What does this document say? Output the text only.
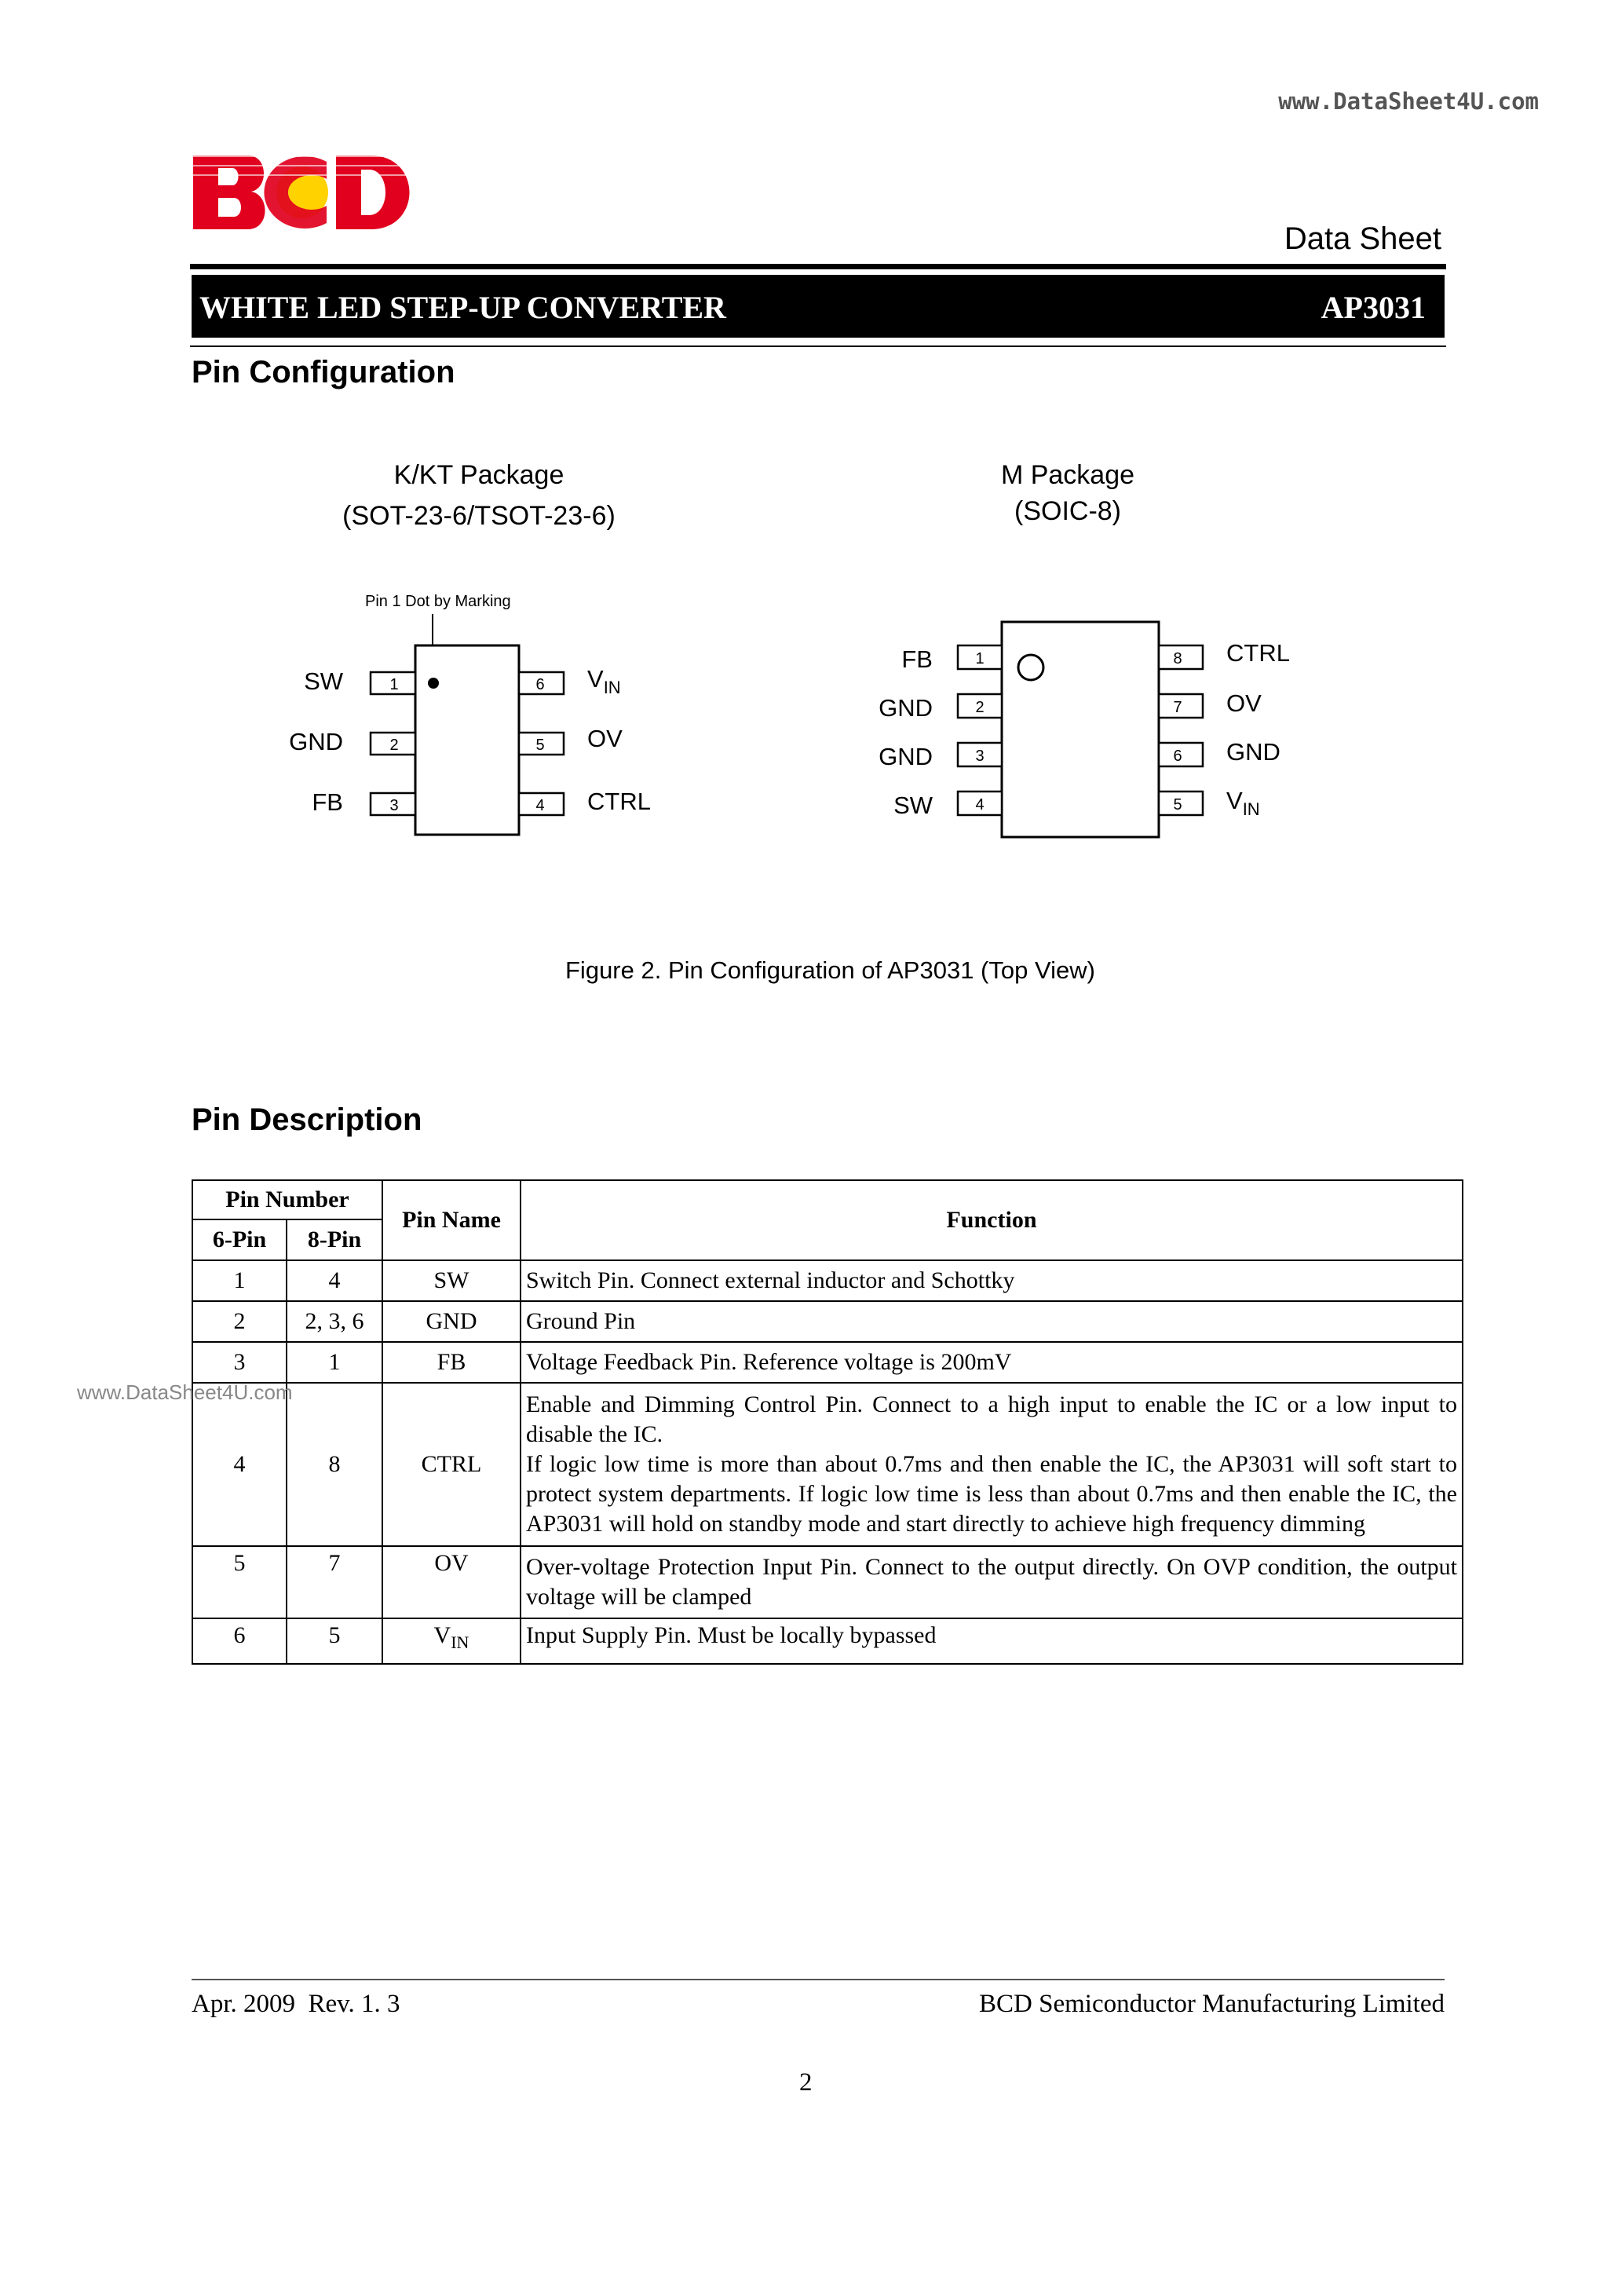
www.DataSheet4U.com
Data Sheet
WHITE LED STEP-UP CONVERTER	AP3031
Pin Configuration
K/KT Package
(SOT-23-6/TSOT-23-6)
M Package
(SOIC-8)
Pin 1 Dot by Marking
1
SW
2
GND
3
FB
6 $V_{IN}$
5 OV
4 CTRL
1
FB
2
GND
3
GND
4
SW
8 CTRL
7 OV
6 GND
5 $V_{IN}$
Figure 2. Pin Configuration of AP3031 (Top View)
Pin Description
Pin Number		Pin Name	Function
6-Pin	8-Pin		
1	4	SW	Switch Pin. Connect external inductor and Schottky
2	2, 3, 6	GND	Ground Pin
3	1	FB	Voltage Feedback Pin. Reference voltage is 200mV
4	8	CTRL	Enable and Dimming Control Pin. Connect to a high input to enable the IC or a low input to disable the IC.
If logic low time is more than about 0.7ms and then enable the IC, the AP3031 will soft start to protect system departments. If logic low time is less than about 0.7ms and then enable the IC, the AP3031 will hold on standby mode and start directly to achieve high frequency dimming

5	7	OV	Over-voltage Protection Input Pin. Connect to the output directly. On OVP condition, the output voltage will be clamped
6	5	$V_{IN}$	Input Supply Pin. Must be locally bypassed
www.DataSheet4U.com
Apr. 2009  Rev. 1. 3	BCD Semiconductor Manufacturing Limited
2
